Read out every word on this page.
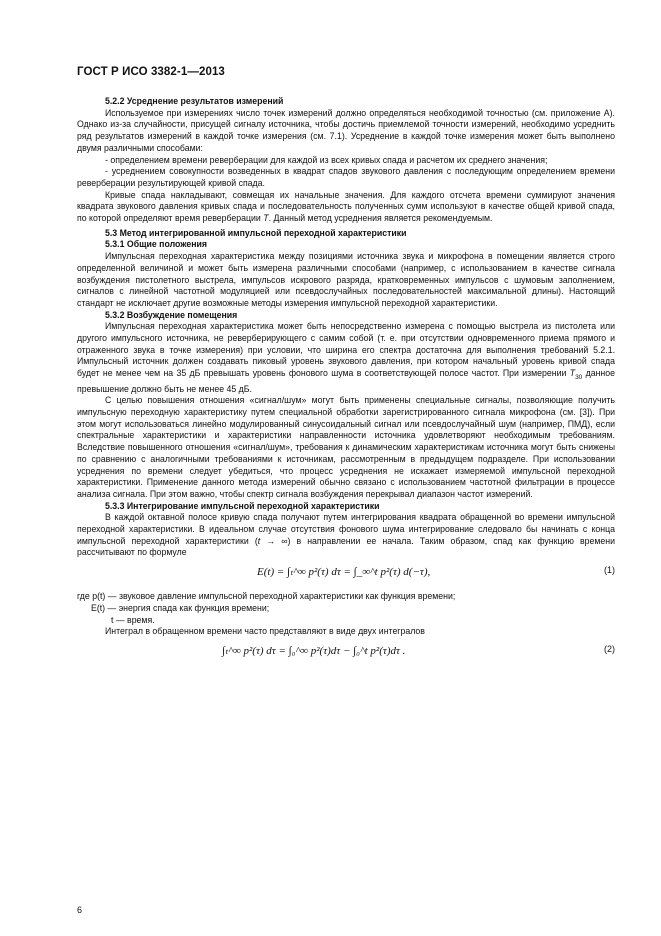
ГОСТ Р ИСО 3382-1—2013

5.2.2 Усреднение результатов измерений

Используемое при измерениях число точек измерений должно определяться необходимой точностью (см. приложение А). Однако из-за случайности, присущей сигналу источника, чтобы достичь приемлемой точности измерений, необходимо усреднить ряд результатов измерений в каждой точке измерения (см. 7.1). Усреднение в каждой точке измерения может быть выполнено двумя различными способами:

- определением времени реверберации для каждой из всех кривых спада и расчетом их среднего значения;

- усреднением совокупности возведенных в квадрат спадов звукового давления с последующим определением времени реверберации результирующей кривой спада.

Кривые спада накладывают, совмещая их начальные значения. Для каждого отсчета времени суммируют значения квадрата звукового давления кривых спада и последовательность полученных сумм используют в качестве общей кривой спада, по которой определяют время реверберации T. Данный метод усреднения является рекомендуемым.

5.3 Метод интегрированной импульсной переходной характеристики

5.3.1 Общие положения

Импульсная переходная характеристика между позициями источника звука и микрофона в помещении является строго определенной величиной и может быть измерена различными способами (например, с использованием в качестве сигнала возбуждения пистолетного выстрела, импульсов искрового разряда, кратковременных импульсов с шумовым заполнением, сигналов с линейной частотной модуляцией или псевдослучайных последовательностей максимальной длины). Настоящий стандарт не исключает другие возможные методы измерения импульсной переходной характеристики.

5.3.2 Возбуждение помещения

Импульсная переходная характеристика может быть непосредственно измерена с помощью выстрела из пистолета или другого импульсного источника, не реверберирующего с самим собой (т. е. при отсутствии одновременного приема прямого и отраженного звука в точке измерения) при условии, что ширина его спектра достаточна для выполнения требований 5.2.1. Импульсный источник должен создавать пиковый уровень звукового давления, при котором начальный уровень кривой спада будет не менее чем на 35 дБ превышать уровень фонового шума в соответствующей полосе частот. При измерении $T_{30}$ данное превышение должно быть не менее 45 дБ.

С целью повышения отношения «сигнал/шум» могут быть применены специальные сигналы, позволяющие получить импульсную переходную характеристику путем специальной обработки зарегистрированного сигнала микрофона (см. [3]). При этом могут использоваться линейно модулированный синусоидальный сигнал или псевдослучайный шум (например, ПМД), если спектральные характеристики и характеристики направленности источника удовлетворяют необходимым требованиям. Вследствие повышенного отношения «сигнал/шум», требования к динамическим характеристикам источника могут быть снижены по сравнению с аналогичными требованиями к источникам, рассмотренным в предыдущем подразделе. При использовании усреднения по времени следует убедиться, что процесс усреднения не искажает измеряемой импульсной переходной характеристики. Применение данного метода измерений обычно связано с использованием частотной фильтрации в процессе анализа сигнала. При этом важно, чтобы спектр сигнала возбуждения перекрывал диапазон частот измерений.

5.3.3 Интегрирование импульсной переходной характеристики

В каждой октавной полосе кривую спада получают путем интегрирования квадрата обращенной во времени импульсной переходной характеристики. В идеальном случае отсутствия фонового шума интегрирование следовало бы начинать с конца импульсной переходной характеристики (t → ∞) в направлении ее начала. Таким образом, спад как функцию времени рассчитывают по формуле

E(t) = ∫ₜ^∞ p²(τ) dτ = ∫_∞^t p²(τ) d(−τ),	(1)

где p(t) — звуковое давление импульсной переходной характеристики как функция времени;

E(t) — энергия спада как функция времени;

t — время.

Интеграл в обращенном времени часто представляют в виде двух интегралов

∫ₜ^∞ p²(τ) dτ = ∫₀^∞ p²(τ)dτ − ∫₀^t p²(τ)dτ .	(2)
6
